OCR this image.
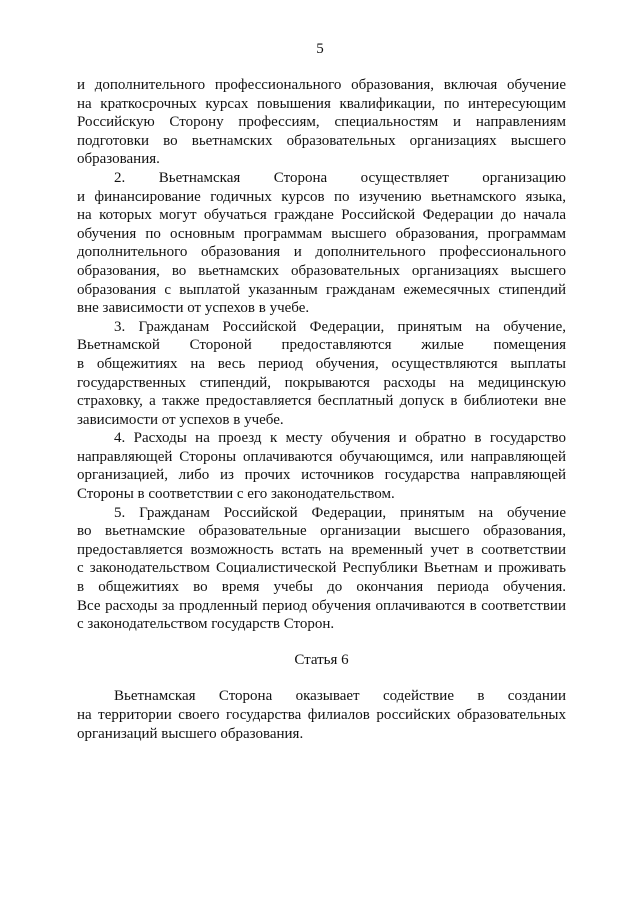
5
и дополнительного профессионального образования, включая обучение
на краткосрочных курсах повышения квалификации, по интересующим
Российскую Сторону профессиям, специальностям и направлениям
подготовки во вьетнамских образовательных организациях высшего
образования.
2. Вьетнамская Сторона осуществляет организацию
и финансирование годичных курсов по изучению вьетнамского языка,
на которых могут обучаться граждане Российской Федерации до начала
обучения по основным программам высшего образования, программам
дополнительного образования и дополнительного профессионального
образования, во вьетнамских образовательных организациях высшего
образования с выплатой указанным гражданам ежемесячных стипендий
вне зависимости от успехов в учебе.
3. Гражданам Российской Федерации, принятым на обучение,
Вьетнамской Стороной предоставляются жилые помещения
в общежитиях на весь период обучения, осуществляются выплаты
государственных стипендий, покрываются расходы на медицинскую
страховку, а также предоставляется бесплатный допуск в библиотеки вне
зависимости от успехов в учебе.
4. Расходы на проезд к месту обучения и обратно в государство
направляющей Стороны оплачиваются обучающимся, или направляющей
организацией, либо из прочих источников государства направляющей
Стороны в соответствии с его законодательством.
5. Гражданам Российской Федерации, принятым на обучение
во вьетнамские образовательные организации высшего образования,
предоставляется возможность встать на временный учет в соответствии
с законодательством Социалистической Республики Вьетнам и проживать
в общежитиях во время учебы до окончания периода обучения.
Все расходы за продленный период обучения оплачиваются в соответствии
с законодательством государств Сторон.
Статья 6
Вьетнамская Сторона оказывает содействие в создании
на территории своего государства филиалов российских образовательных
организаций высшего образования.
